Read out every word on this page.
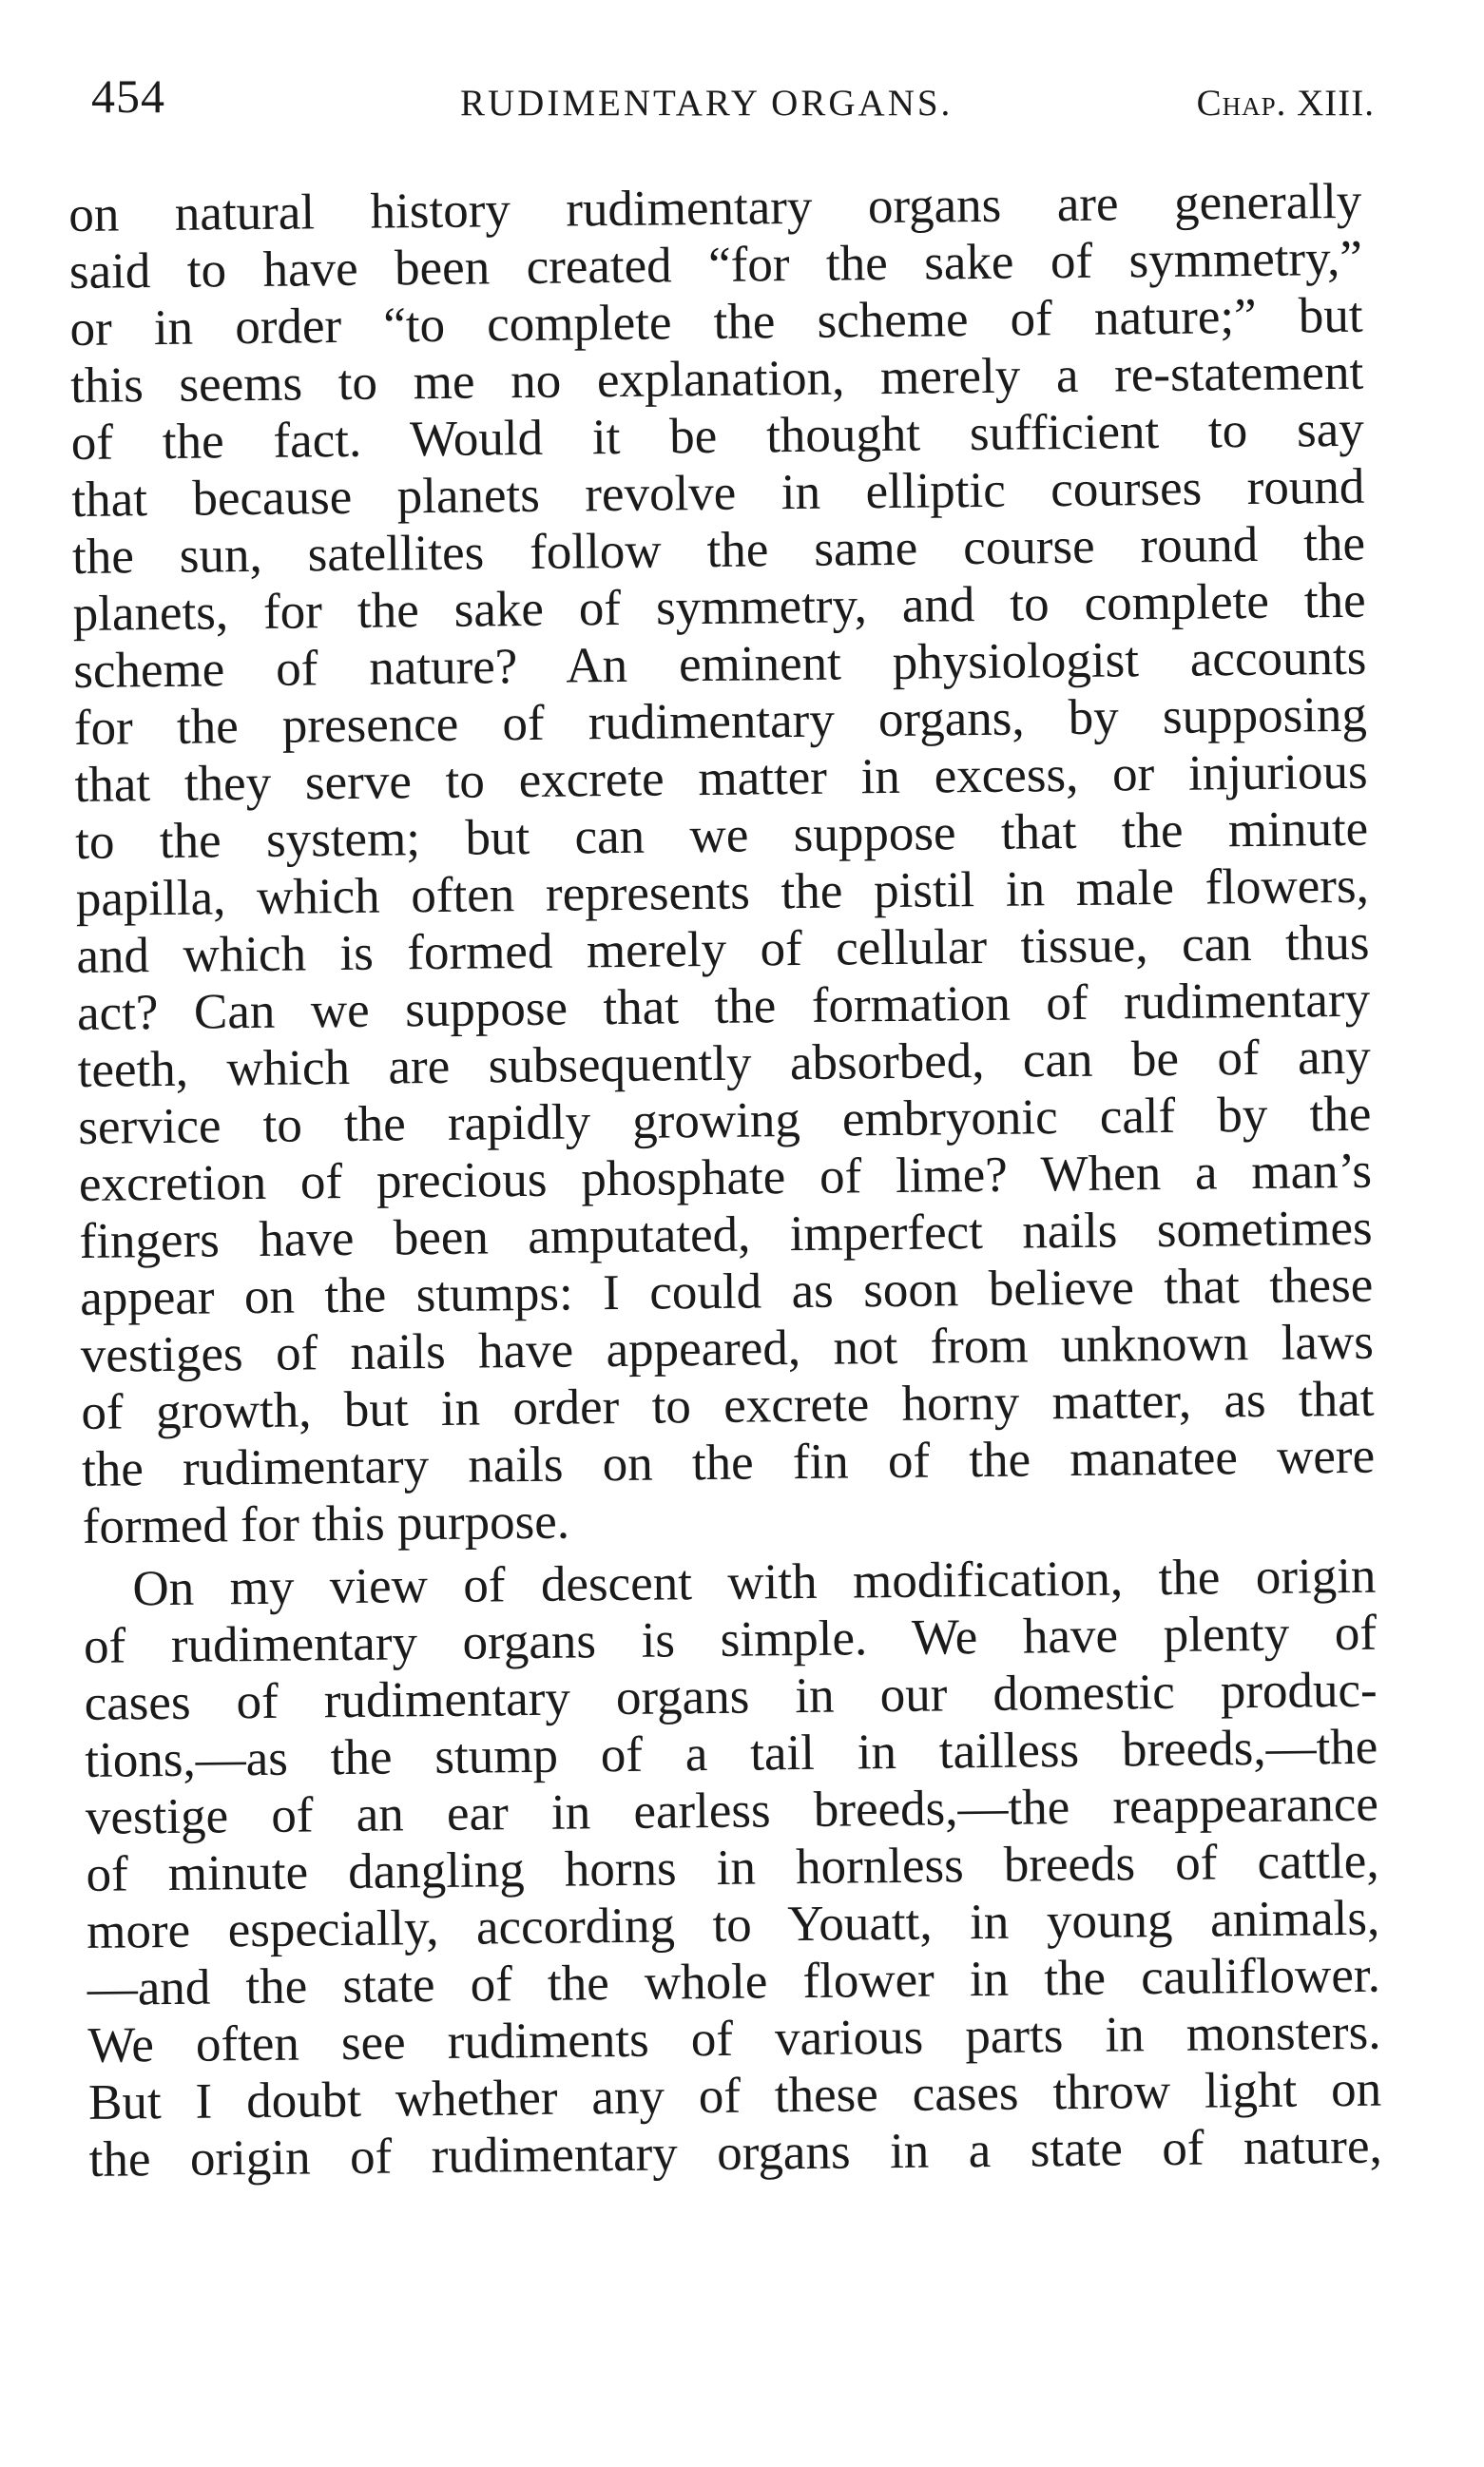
454	RUDIMENTARY ORGANS.	Chap. XIII.
on natural history rudimentary organs are generally
said to have been created “for the sake of symmetry,”
or in order “to complete the scheme of nature;” but
this seems to me no explanation, merely a re-statement
of the fact. Would it be thought sufficient to say
that because planets revolve in elliptic courses round
the sun, satellites follow the same course round the
planets, for the sake of symmetry, and to complete the
scheme of nature? An eminent physiologist accounts
for the presence of rudimentary organs, by supposing
that they serve to excrete matter in excess, or injurious
to the system; but can we suppose that the minute
papilla, which often represents the pistil in male flowers,
and which is formed merely of cellular tissue, can thus
act? Can we suppose that the formation of rudimentary
teeth, which are subsequently absorbed, can be of any
service to the rapidly growing embryonic calf by the
excretion of precious phosphate of lime? When a man’s
fingers have been amputated, imperfect nails sometimes
appear on the stumps: I could as soon believe that these
vestiges of nails have appeared, not from unknown laws
of growth, but in order to excrete horny matter, as that
the rudimentary nails on the fin of the manatee were
formed for this purpose.
On my view of descent with modification, the origin
of rudimentary organs is simple. We have plenty of
cases of rudimentary organs in our domestic produc-
tions,—as the stump of a tail in tailless breeds,—the
vestige of an ear in earless breeds,—the reappearance
of minute dangling horns in hornless breeds of cattle,
more especially, according to Youatt, in young animals,
—and the state of the whole flower in the cauliflower.
We often see rudiments of various parts in monsters.
But I doubt whether any of these cases throw light on
the origin of rudimentary organs in a state of nature,
